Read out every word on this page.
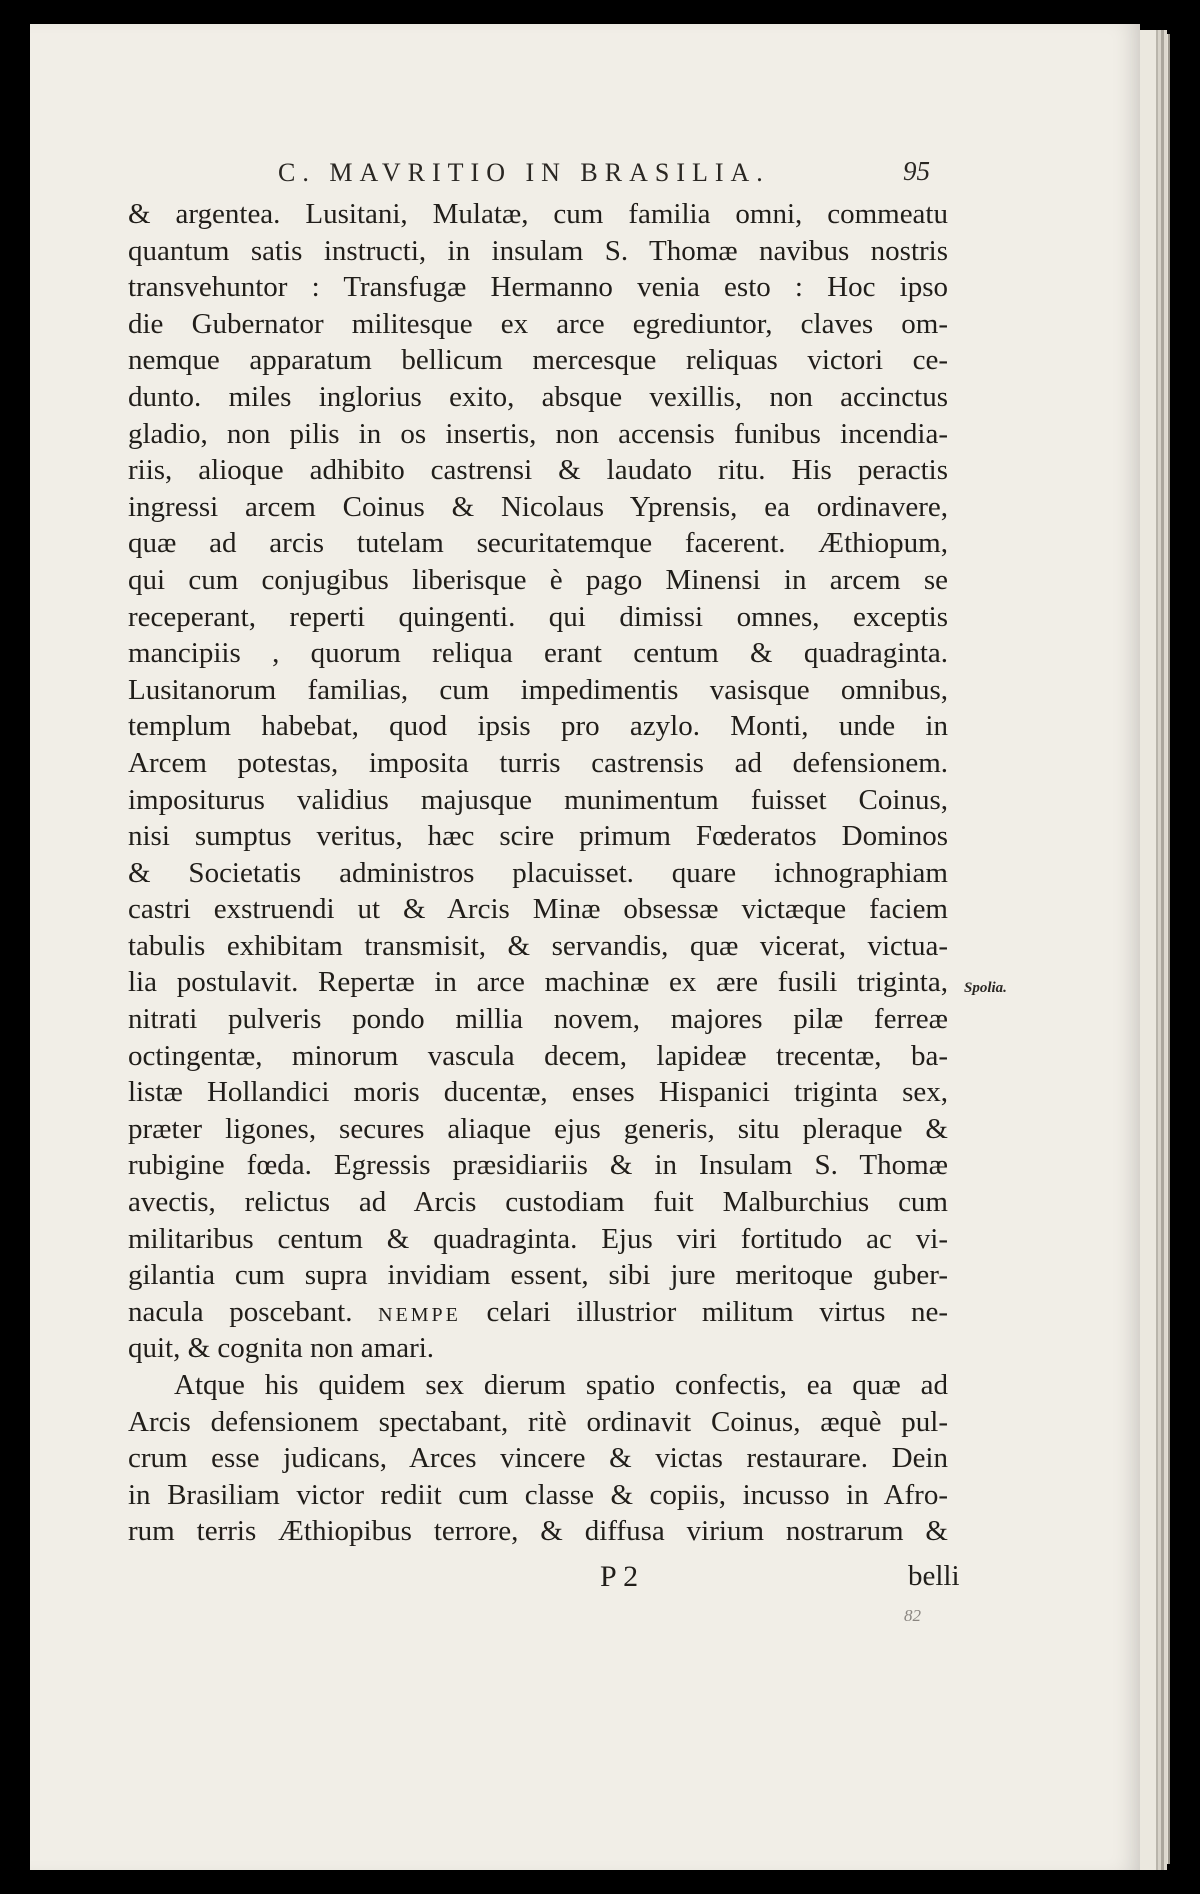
C. MAVRITIO IN BRASILIA.	95
& argentea. Lusitani, Mulatæ, cum familia omni, commeatu
quantum satis instructi, in insulam S. Thomæ navibus nostris
transvehuntor : Transfugæ Hermanno venia esto : Hoc ipso
die Gubernator militesque ex arce egrediuntor, claves om-
nemque apparatum bellicum mercesque reliquas victori ce-
dunto. miles inglorius exito, absque vexillis, non accinctus
gladio, non pilis in os insertis, non accensis funibus incendia-
riis, alioque adhibito castrensi & laudato ritu. His peractis
ingressi arcem Coinus & Nicolaus Yprensis, ea ordinavere,
quæ ad arcis tutelam securitatemque facerent. Æthiopum,
qui cum conjugibus liberisque è pago Minensi in arcem se
receperant, reperti quingenti. qui dimissi omnes, exceptis
mancipiis , quorum reliqua erant centum & quadraginta.
Lusitanorum familias, cum impedimentis vasisque omnibus,
templum habebat, quod ipsis pro azylo. Monti, unde in
Arcem potestas, imposita turris castrensis ad defensionem.
impositurus validius majusque munimentum fuisset Coinus,
nisi sumptus veritus, hæc scire primum Fœderatos Dominos
& Societatis administros placuisset. quare ichnographiam
castri exstruendi ut & Arcis Minæ obsessæ victæque faciem
tabulis exhibitam transmisit, & servandis, quæ vicerat, victua-
lia postulavit. Repertæ in arce machinæ ex ære fusili triginta,
nitrati pulveris pondo millia novem, majores pilæ ferreæ
octingentæ, minorum vascula decem, lapideæ trecentæ, ba-
listæ Hollandici moris ducentæ, enses Hispanici triginta sex,
præter ligones, secures aliaque ejus generis, situ pleraque &
rubigine fœda. Egressis præsidiariis & in Insulam S. Thomæ
avectis, relictus ad Arcis custodiam fuit Malburchius cum
militaribus centum & quadraginta. Ejus viri fortitudo ac vi-
gilantia cum supra invidiam essent, sibi jure meritoque guber-
nacula poscebant. NEMPE celari illustrior militum virtus ne-
quit, & cognita non amari.
Atque his quidem sex dierum spatio confectis, ea quæ ad
Arcis defensionem spectabant, ritè ordinavit Coinus, æquè pul-
crum esse judicans, Arces vincere & victas restaurare. Dein
in Brasiliam victor rediit cum classe & copiis, incusso in Afro-
rum terris Æthiopibus terrore, & diffusa virium nostrarum &
Spolia.
P 2	belli
82
